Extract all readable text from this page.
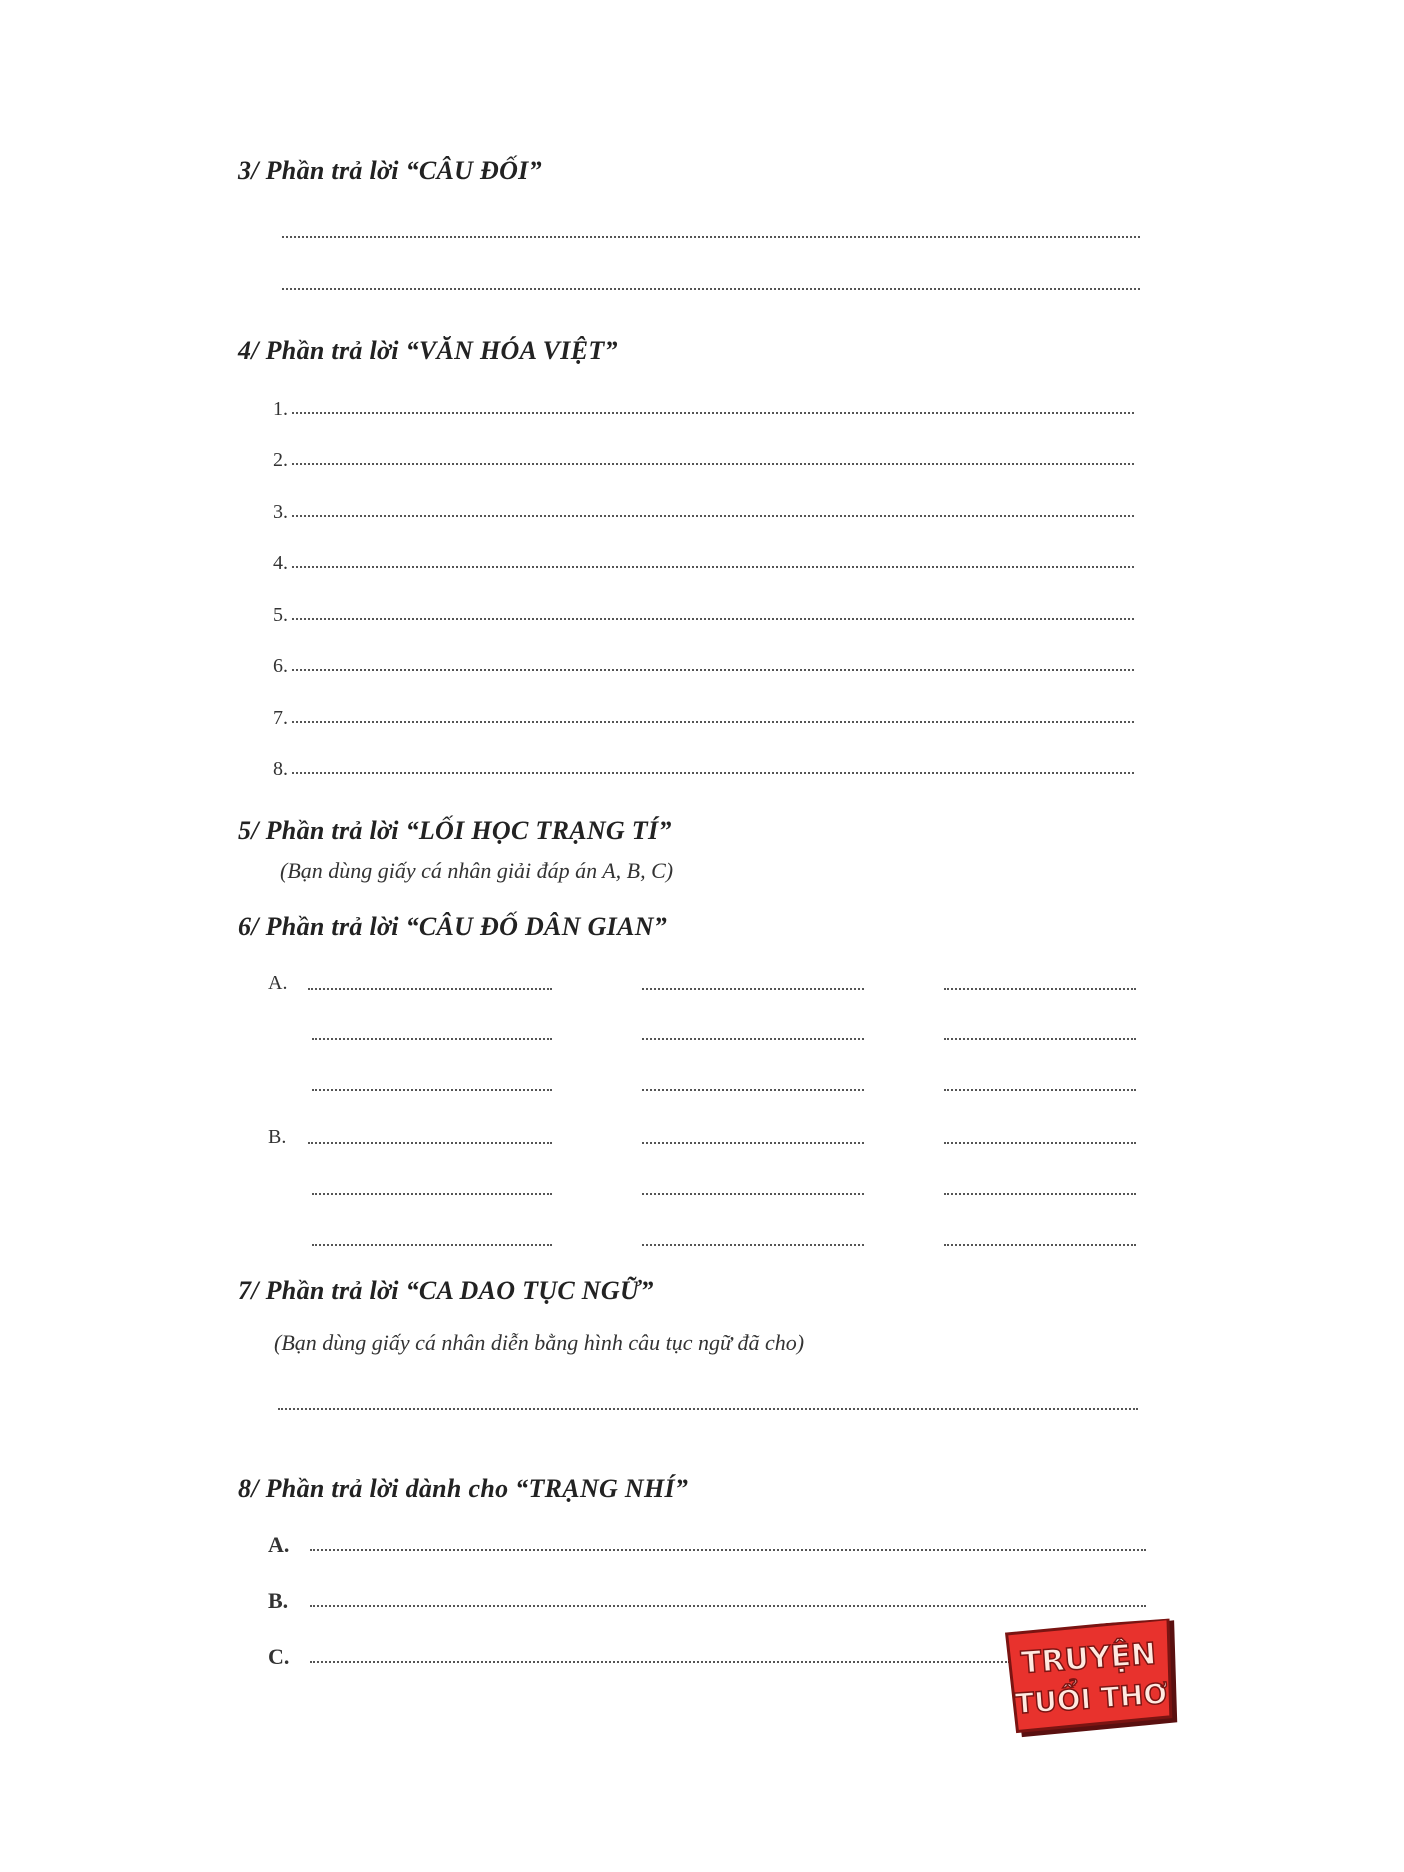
3/ Phần trả lời “CÂU ĐỐI”
4/ Phần trả lời “VĂN HÓA VIỆT”
1.
2.
3.
4.
5.
6.
7.
8.
5/ Phần trả lời “LỐI HỌC TRẠNG TÍ”
(Bạn dùng giấy cá nhân giải đáp án A, B, C)
6/ Phần trả lời “CÂU ĐỐ DÂN GIAN”
A.
B.
7/ Phần trả lời “CA DAO TỤC NGỮ”
(Bạn dùng giấy cá nhân diễn bằng hình câu tục ngữ đã cho)
8/ Phần trả lời dành cho “TRẠNG NHÍ”
A.
B.
C.	TRUYỆN
TUỔI THƠ
